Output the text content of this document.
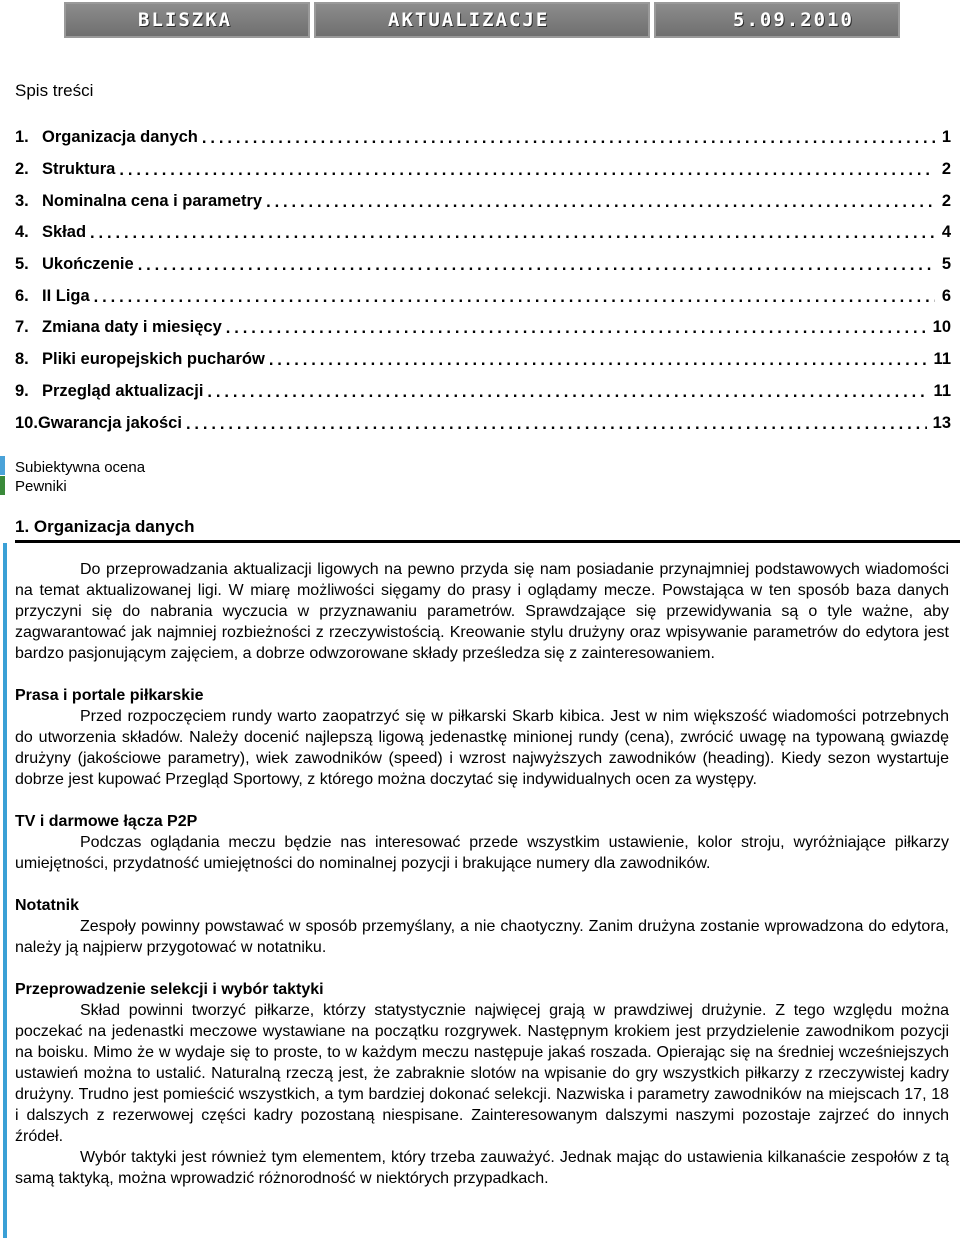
BLISZKA	AKTUALIZACJE	5.09.2010
Spis treści
1. Organizacja danych .....	1
2. Struktura .....	2
3. Nominalna cena i parametry .....	2
4. Skład .....	4
5. Ukończenie .....	5
6. II Liga .....	6
7. Zmiana daty i miesięcy .....	10
8. Pliki europejskich pucharów .....	11
9. Przegląd aktualizacji .....	11
10. Gwarancja jakości .....	13
Subiektywna ocena
Pewniki
1. Organizacja danych

Do przeprowadzania aktualizacji ligowych na pewno przyda się nam posiadanie przynajmniej podstawowych wiadomości na temat aktualizowanej ligi. W miarę możliwości sięgamy do prasy i oglądamy mecze. Powstająca w ten sposób baza danych przyczyni się do nabrania wyczucia w przyznawaniu parametrów. Sprawdzające się przewidywania są o tyle ważne, aby zagwarantować jak najmniej rozbieżności z rzeczywistością. Kreowanie stylu drużyny oraz wpisywanie parametrów do edytora jest bardzo pasjonującym zajęciem, a dobrze odwzorowane składy prześledza się z zainteresowaniem.

Prasa i portale piłkarskie

Przed rozpoczęciem rundy warto zaopatrzyć się w piłkarski Skarb kibica. Jest w nim większość wiadomości potrzebnych do utworzenia składów. Należy docenić najlepszą ligową jedenastkę minionej rundy (cena), zwrócić uwagę na typowaną gwiazdę drużyny (jakościowe parametry), wiek zawodników (speed) i wzrost najwyższych zawodników (heading). Kiedy sezon wystartuje dobrze jest kupować Przegląd Sportowy, z którego można doczytać się indywidualnych ocen za występy.

TV i darmowe łącza P2P

Podczas oglądania meczu będzie nas interesować przede wszystkim ustawienie, kolor stroju, wyróżniające piłkarzy umiejętności, przydatność umiejętności do nominalnej pozycji i brakujące numery dla zawodników.

Notatnik

Zespoły powinny powstawać w sposób przemyślany, a nie chaotyczny. Zanim drużyna zostanie wprowadzona do edytora, należy ją najpierw przygotować w notatniku.

Przeprowadzenie selekcji i wybór taktyki

Skład powinni tworzyć piłkarze, którzy statystycznie najwięcej grają w prawdziwej drużynie. Z tego względu można poczekać na jedenastki meczowe wystawiane na początku rozgrywek. Następnym krokiem jest przydzielenie zawodnikom pozycji na boisku. Mimo że w wydaje się to proste, to w każdym meczu następuje jakaś roszada. Opierając się na średniej wcześniejszych ustawień można to ustalić. Naturalną rzeczą jest, że zabraknie slotów na wpisanie do gry wszystkich piłkarzy z rzeczywistej kadry drużyny. Trudno jest pomieścić wszystkich, a tym bardziej dokonać selekcji. Nazwiska i parametry zawodników na miejscach 17, 18 i dalszych z rezerwowej części kadry pozostaną niespisane. Zainteresowanym dalszymi naszymi pozostaje zajrzeć do innych źródeł.

Wybór taktyki jest również tym elementem, który trzeba zauważyć. Jednak mając do ustawienia kilkanaście zespołów z tą samą taktyką, można wprowadzić różnorodność w niektórych przypadkach.
